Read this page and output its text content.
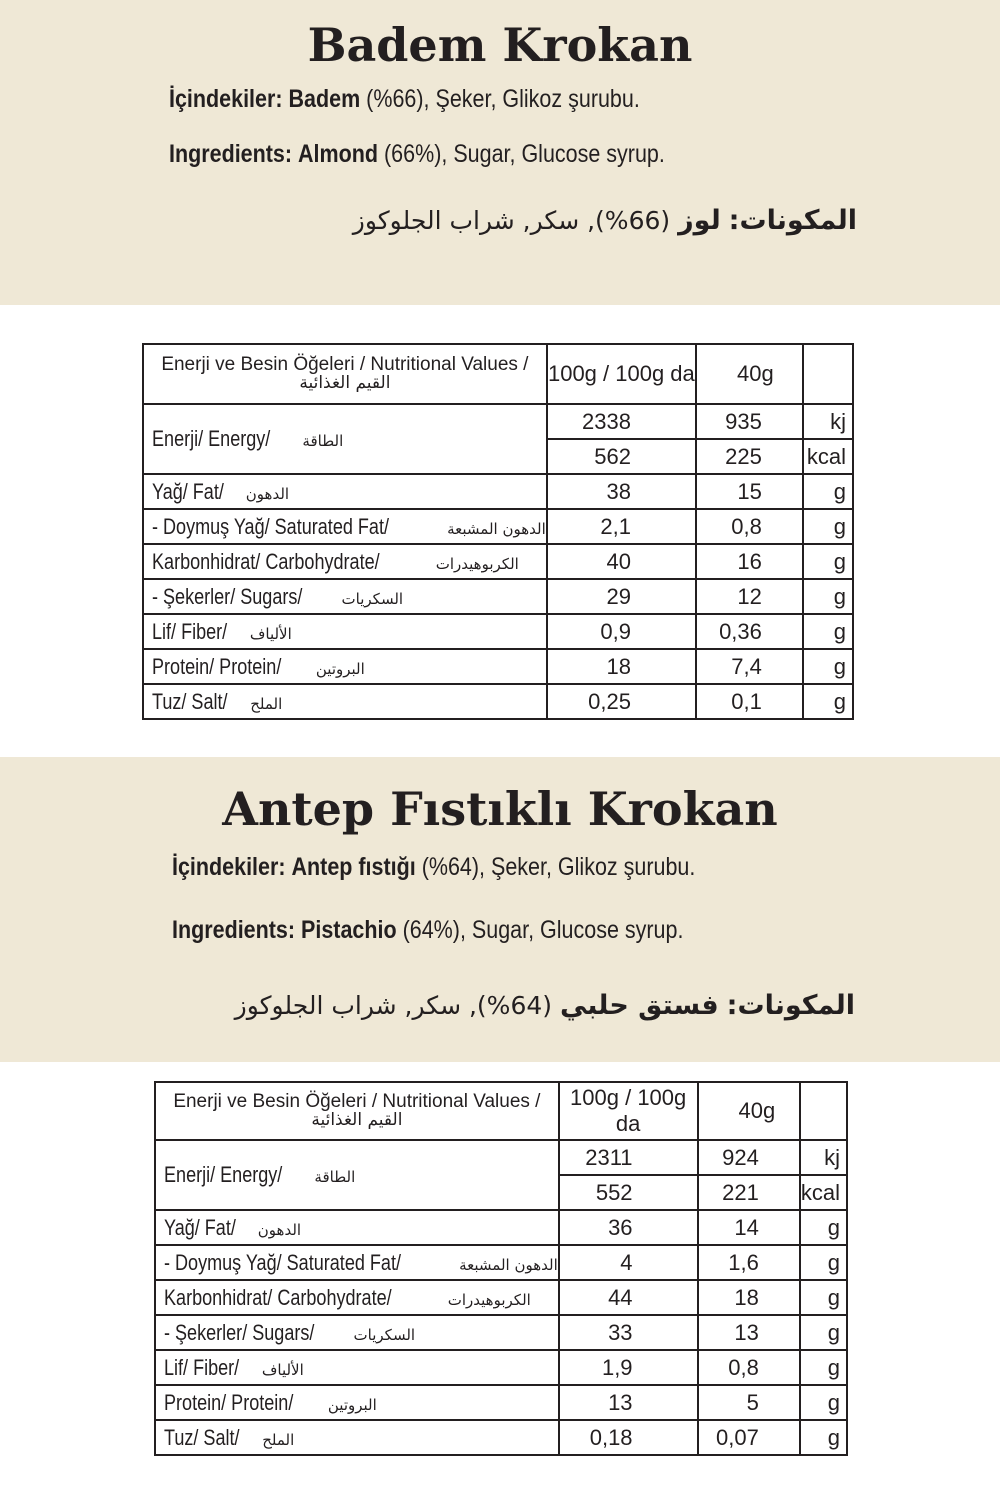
Badem Krokan
İçindekiler: Badem (%66), Şeker, Glikoz şurubu.
Ingredients: Almond (66%), Sugar, Glucose syrup.
المكونات: لوز (66%), سكر, شراب الجلوكوز
Enerji ve Besin Öğeleri / Nutritional Values /
القيم الغذائية	100g / 100g da	40g	
Enerji/ Energy/ الطاقة	2338	935	kj
	562	225	kcal
Yağ/ Fat/ الدهون	38	15	g
- Doymuş Yağ/ Saturated Fat/ الدهون المشبعة	2,1	0,8	g
Karbonhidrat/ Carbohydrate/ الكربوهيدرات	40	16	g
- Şekerler/ Sugars/ السكريات	29	12	g
Lif/ Fiber/ الألياف	0,9	0,36	g
Protein/ Protein/ البروتين	18	7,4	g
Tuz/ Salt/ الملح	0,25	0,1	g
Antep Fıstıklı Krokan
İçindekiler: Antep fıstığı (%64), Şeker, Glikoz şurubu.
Ingredients: Pistachio (64%), Sugar, Glucose syrup.
المكونات: فستق حلبي (64%), سكر, شراب الجلوكوز
Enerji ve Besin Öğeleri / Nutritional Values /
القيم الغذائية	100g / 100g da	40g	
Enerji/ Energy/ الطاقة	2311	924	kj
	552	221	kcal
Yağ/ Fat/ الدهون	36	14	g
- Doymuş Yağ/ Saturated Fat/ الدهون المشبعة	4	1,6	g
Karbonhidrat/ Carbohydrate/ الكربوهيدرات	44	18	g
- Şekerler/ Sugars/ السكريات	33	13	g
Lif/ Fiber/ الألياف	1,9	0,8	g
Protein/ Protein/ البروتين	13	5	g
Tuz/ Salt/ الملح	0,18	0,07	g
